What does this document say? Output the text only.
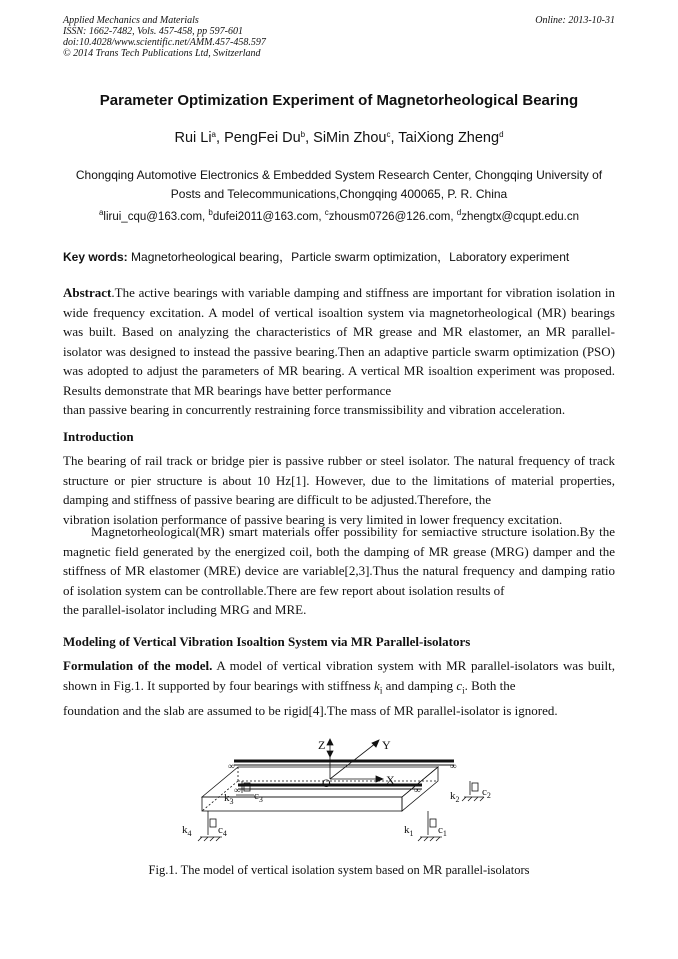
Applied Mechanics and Materials
ISSN: 1662-7482, Vols. 457-458, pp 597-601
doi:10.4028/www.scientific.net/AMM.457-458.597
© 2014 Trans Tech Publications Ltd, Switzerland
Online: 2013-10-31
Parameter Optimization Experiment of Magnetorheological Bearing
Rui Li$^a$, PengFei Du$^b$, SiMin Zhou$^c$, TaiXiong Zheng$^d$
Chongqing Automotive Electronics & Embedded System Research Center, Chongqing University of
Posts and Telecommunications,Chongqing 400065, P. R. China
$^a$lirui_cqu@163.com, $^b$dufei2011@163.com, $^c$zhousm0726@126.com, $^d$zhengtx@cqupt.edu.cn
Key words: Magnetorheological bearing，Particle swarm optimization，Laboratory experiment
Abstract.The active bearings with variable damping and stiffness are important for vibration isolation in wide frequency excitation. A model of vertical isoaltion system via magnetorheological (MR) bearings was built. Based on analyzing the characteristics of MR grease and MR elastomer, an MR parallel-isolator was designed to instead the passive bearing.Then an adaptive particle swarm optimization (PSO) was adopted to adjust the parameters of MR bearing. A vertical MR isoaltion experiment was proposed. Results demonstrate that MR bearings have better performance
than passive bearing in concurrently restraining force transmissibility and vibration acceleration.
Introduction
The bearing of rail track or bridge pier is passive rubber or steel isolator. The natural frequency of track structure or pier structure is about 10 Hz[1]. However, due to the limitations of material properties, damping and stiffness of passive bearing are difficult to be adjusted.Therefore, the
vibration isolation performance of passive bearing is very limited in lower frequency excitation.
Magnetorheological(MR) smart materials offer possibility for semiactive structure isolation.By the magnetic field generated by the energized coil, both the damping of MR grease (MRG) damper and the stiffness of MR elastomer (MRE) device are variable[2,3].Thus the natural frequency and damping ratio of isolation system can be controllable.There are few report about isolation results of
the parallel-isolator including MRG and MRE.
Modeling of Vertical Vibration Isoaltion System via MR Parallel-isolators
Formulation of the model. A model of vertical vibration system with MR parallel-isolators was built, shown in Fig.1. It supported by four bearings with stiffness $k_i$ and damping $c_i$. Both the
foundation and the slab are assumed to be rigid[4].The mass of MR parallel-isolator is ignored.
∞	∞
∞	∞
Z	Y
X
O
$k_3$ $c_3$	$k_2$
$c_2$
$k_4$ $c_4$	$k_1$ $c_1$
Fig.1. The model of vertical isolation system based on MR parallel-isolators
